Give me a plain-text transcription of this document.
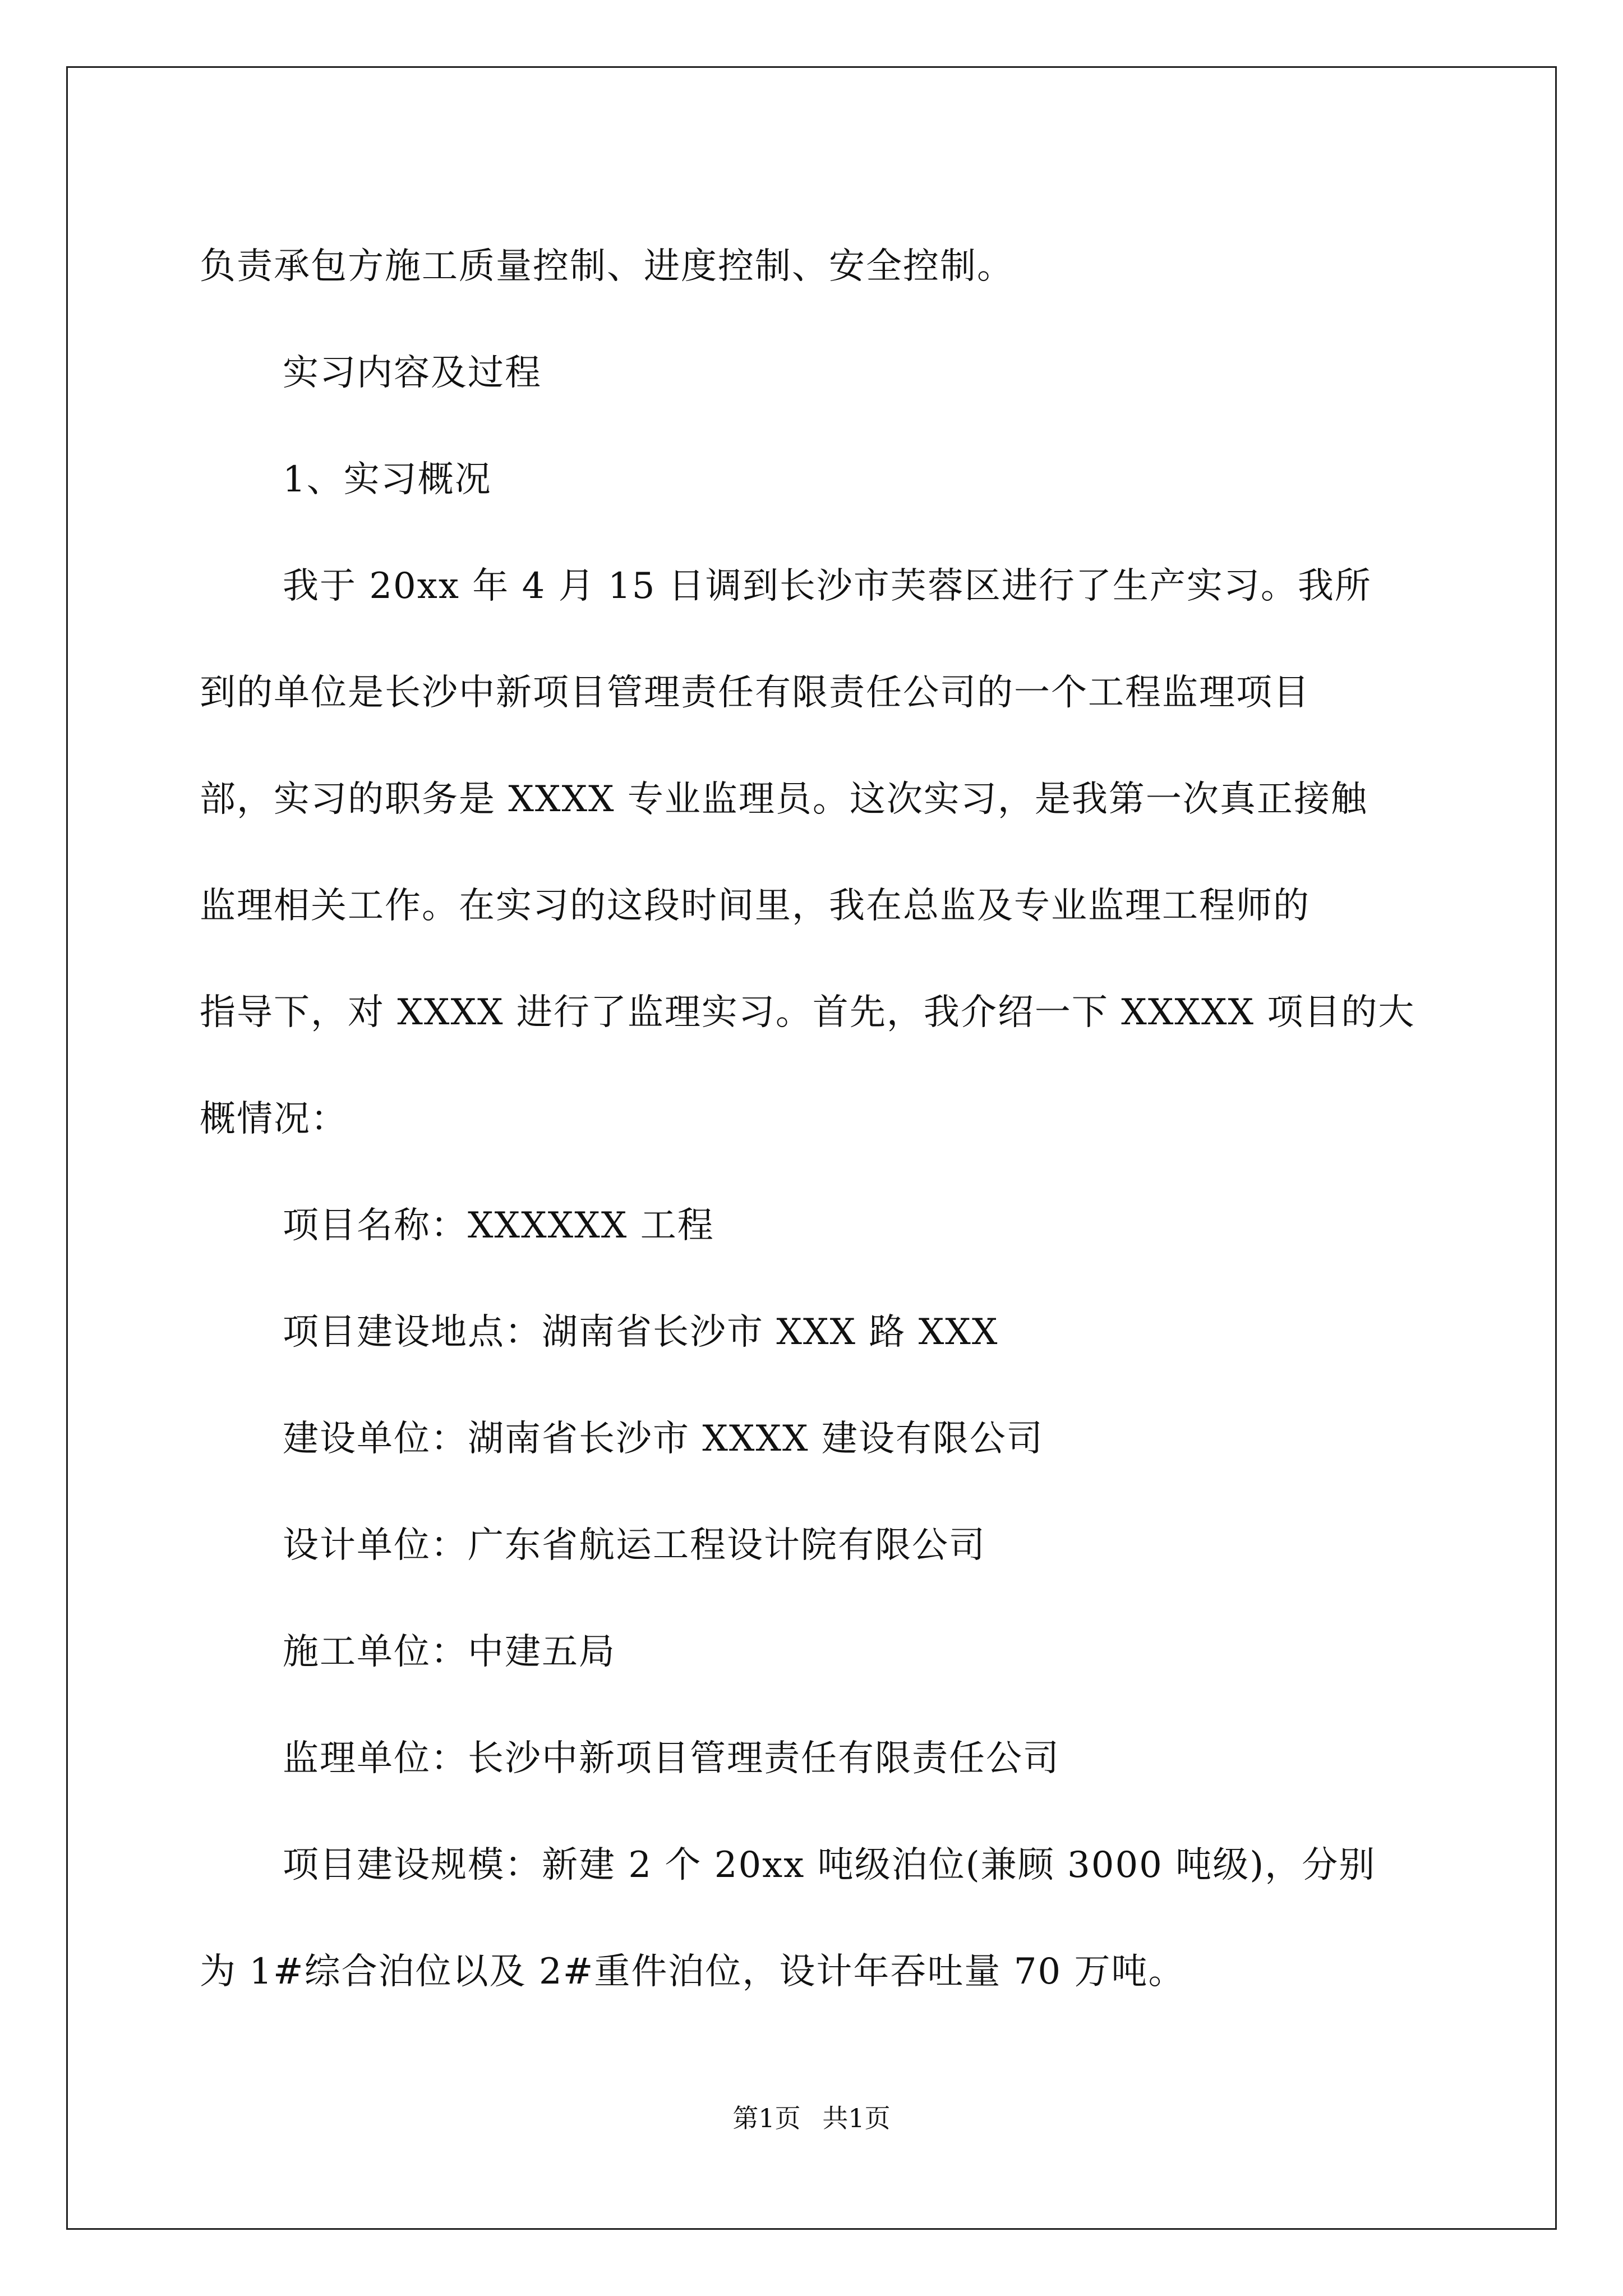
负责承包方施工质量控制、进度控制、安全控制。
实习内容及过程
1、实习概况
我于 20xx 年 4 月 15 日调到长沙市芙蓉区进行了生产实习。我所
到的单位是长沙中新项目管理责任有限责任公司的一个工程监理项目
部，实习的职务是 XXXX 专业监理员。这次实习，是我第一次真正接触
监理相关工作。在实习的这段时间里，我在总监及专业监理工程师的
指导下，对 XXXX 进行了监理实习。首先，我介绍一下 XXXXX 项目的大
概情况：
项目名称：XXXXXX 工程
项目建设地点：湖南省长沙市 XXX 路 XXX
建设单位：湖南省长沙市 XXXX 建设有限公司
设计单位：广东省航运工程设计院有限公司
施工单位：中建五局
监理单位：长沙中新项目管理责任有限责任公司
项目建设规模：新建 2 个 20xx 吨级泊位(兼顾 3000 吨级)，分别
为 1#综合泊位以及 2#重件泊位，设计年吞吐量 70 万吨。
第1页 共1页
